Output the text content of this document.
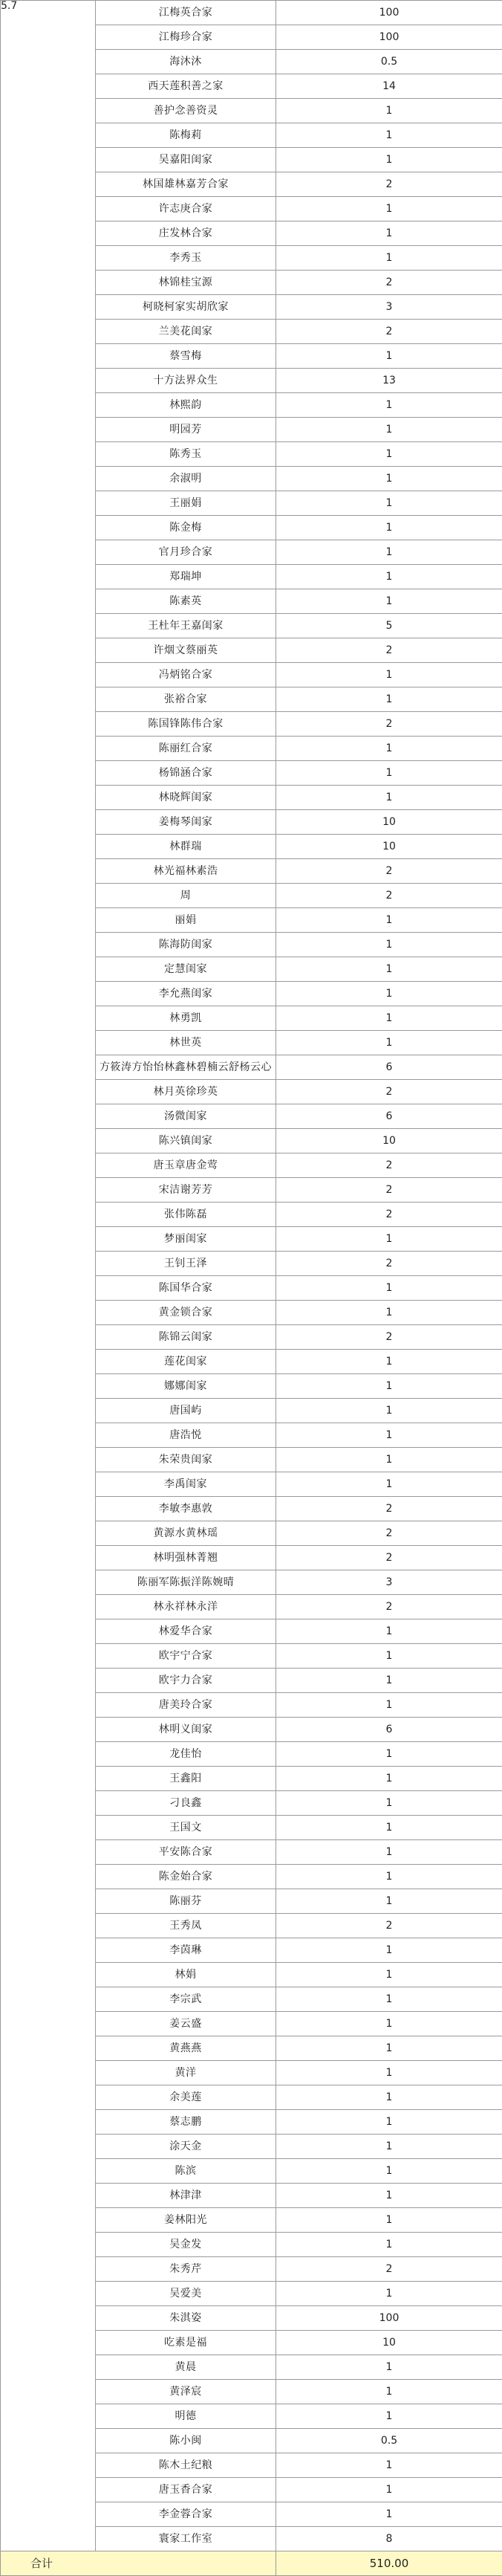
5.7	江梅英合家	100
	江梅珍合家	100
	海沐沐	0.5
	西天莲积善之家	14
	善护念善资灵	1
	陈梅莉	1
	吴嘉阳闺家	1
	林国雄林嘉芳合家	2
	许志庚合家	1
	庄发林合家	1
	李秀玉	1
	林锦桂宝源	2
	柯晓柯家实胡欣家	3
	兰美花闺家	2
	蔡雪梅	1
	十方法界众生	13
	林熙韵	1
	明园芳	1
	陈秀玉	1
	余淑明	1
	王丽娟	1
	陈金梅	1
	官月珍合家	1
	郑瑞坤	1
	陈素英	1
	王杜年王嘉闺家	5
	许烟文蔡丽英	2
	冯炳铭合家	1
	张裕合家	1
	陈国锋陈伟合家	2
	陈丽红合家	1
	杨锦涵合家	1
	林晓辉闺家	1
	姜梅琴闺家	10
	林群瑞	10
	林光福林素浩	2
	周	2
	丽娟	1
	陈海防闺家	1
	定慧闺家	1
	李允燕闺家	1
	林勇凯	1
	林世英	1
	方筱涛方怡怡林鑫林碧楠云舒杨云心	6
	林月英徐珍英	2
	汤微闺家	6
	陈兴镇闺家	10
	唐玉章唐金莺	2
	宋洁谢芳芳	2
	张伟陈磊	2
	梦丽闺家	1
	王钊王泽	2
	陈国华合家	1
	黄金锁合家	1
	陈锦云闺家	2
	莲花闺家	1
	娜娜闺家	1
	唐国屿	1
	唐浩悦	1
	朱荣贵闺家	1
	李禹闺家	1
	李敏李惠敦	2
	黄源水黄林瑶	2
	林明强林菁翘	2
	陈丽军陈振洋陈婉晴	3
	林永祥林永洋	2
	林爱华合家	1
	欧宇宁合家	1
	欧宇力合家	1
	唐美玲合家	1
	林明义闺家	6
	龙佳怡	1
	王鑫阳	1
	刁良鑫	1
	王国文	1
	平安陈合家	1
	陈金始合家	1
	陈丽芬	1
	王秀凤	2
	李茵琳	1
	林娟	1
	李宗武	1
	姜云盛	1
	黄燕燕	1
	黄洋	1
	余美莲	1
	蔡志鹏	1
	涂天金	1
	陈滨	1
	林津津	1
	姜林阳光	1
	吴金发	1
	朱秀芹	2
	吴爱美	1
	朱淇姿	100
	吃素是福	10
	黄晨	1
	黄泽宸	1
	明德	1
	陈小闽	0.5
	陈木土纪粮	1
	唐玉香合家	1
	李金蓉合家	1
	寰家工作室	8
合计		510.00
